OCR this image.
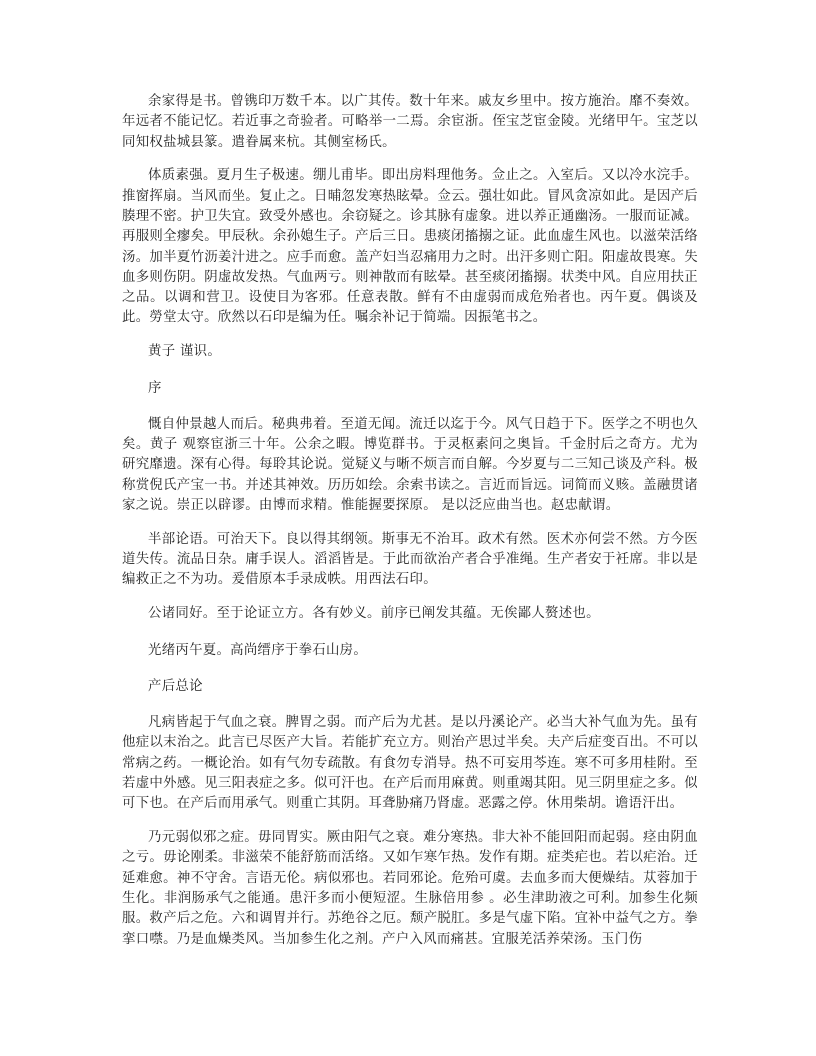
余家得是书。曾镌印万数千本。以广其传。数十年来。戚友乡里中。按方施治。靡不奏效。年远者不能记忆。若近事之奇验者。可略举一二焉。余宦浙。侄宝芝宦金陵。光绪甲午。宝芝以同知权盐城县篆。遣眷属来杭。其侧室杨氏。

体质素强。夏月生子极速。绷儿甫毕。即出房料理他务。佥止之。入室后。又以冷水浣手。推窗挥扇。当风而坐。复止之。日晡忽发寒热眩晕。佥云。强壮如此。冒风贪凉如此。是因产后腠理不密。护卫失宜。致受外感也。余窃疑之。诊其脉有虚象。进以养正通幽汤。一服而证减。再服则全瘳矣。甲辰秋。余孙媳生子。产后三日。患痰闭搐搦之证。此血虚生风也。以滋荣活络汤。加半夏竹沥姜汁进之。应手而愈。盖产妇当忍痛用力之时。出汗多则亡阳。阳虚故畏寒。失血多则伤阴。阴虚故发热。气血两亏。则神散而有眩晕。甚至痰闭搐搦。状类中风。自应用扶正之品。以调和营卫。设使目为客邪。任意表散。鲜有不由虚弱而成危殆者也。丙午夏。偶谈及此。勞堂太守。欣然以石印是编为任。嘱余补记于简端。因振笔书之。

黄子 谨识。

序

慨自仲景越人而后。秘典弗着。至道无闻。流迁以迄于今。风气日趋于下。医学之不明也久矣。黄子 观察宦浙三十年。公余之暇。博览群书。于灵枢素问之奥旨。千金肘后之奇方。尤为研究靡遗。深有心得。每聆其论说。觉疑义与晰不烦言而自解。今岁夏与二三知己谈及产科。极称赏倪氏产宝一书。并述其神效。历历如绘。余索书读之。言近而旨远。词简而义赅。盖融贯诸家之说。崇正以辟谬。由博而求精。惟能握要探原。 是以泛应曲当也。赵忠献谓。

半部论语。可治天下。良以得其纲领。斯事无不治耳。政术有然。医术亦何尝不然。方今医道失传。流品日杂。庸手误人。滔滔皆是。于此而欲治产者合乎准绳。生产者安于衽席。非以是编救正之不为功。爰借原本手录成帙。用西法石印。

公诸同好。至于论证立方。各有妙义。前序已阐发其蕴。无俟鄙人赘述也。

光绪丙午夏。高尚缙序于拳石山房。

产后总论

凡病皆起于气血之衰。脾胃之弱。而产后为尤甚。是以丹溪论产。必当大补气血为先。虽有他症以末治之。此言已尽医产大旨。若能扩充立方。则治产思过半矣。夫产后症变百出。不可以常病之药。一概论治。如有气勿专疏散。有食勿专消导。热不可妄用芩连。寒不可多用桂附。至若虚中外感。见三阳表症之多。似可汗也。在产后而用麻黄。则重竭其阳。见三阴里症之多。似可下也。在产后而用承气。则重亡其阴。耳聋胁痛乃肾虚。恶露之停。休用柴胡。谵语汗出。

乃元弱似邪之症。毋同胃实。厥由阳气之衰。难分寒热。非大补不能回阳而起弱。痉由阴血之亏。毋论刚柔。非滋荣不能舒筋而活络。又如乍寒乍热。发作有期。症类疟也。若以疟治。迁延难愈。神不守舍。言语无伦。病似邪也。若同邪论。危殆可虞。去血多而大便燥结。苁蓉加于生化。非润肠承气之能通。患汗多而小便短涩。生脉倍用参 。必生津助液之可利。加参生化频服。救产后之危。六和调胃并行。苏绝谷之厄。颓产脱肛。多是气虚下陷。宜补中益气之方。拳挛口噤。乃是血燥类风。当加参生化之剂。产户入风而痛甚。宜服羌活养荣汤。玉门伤
